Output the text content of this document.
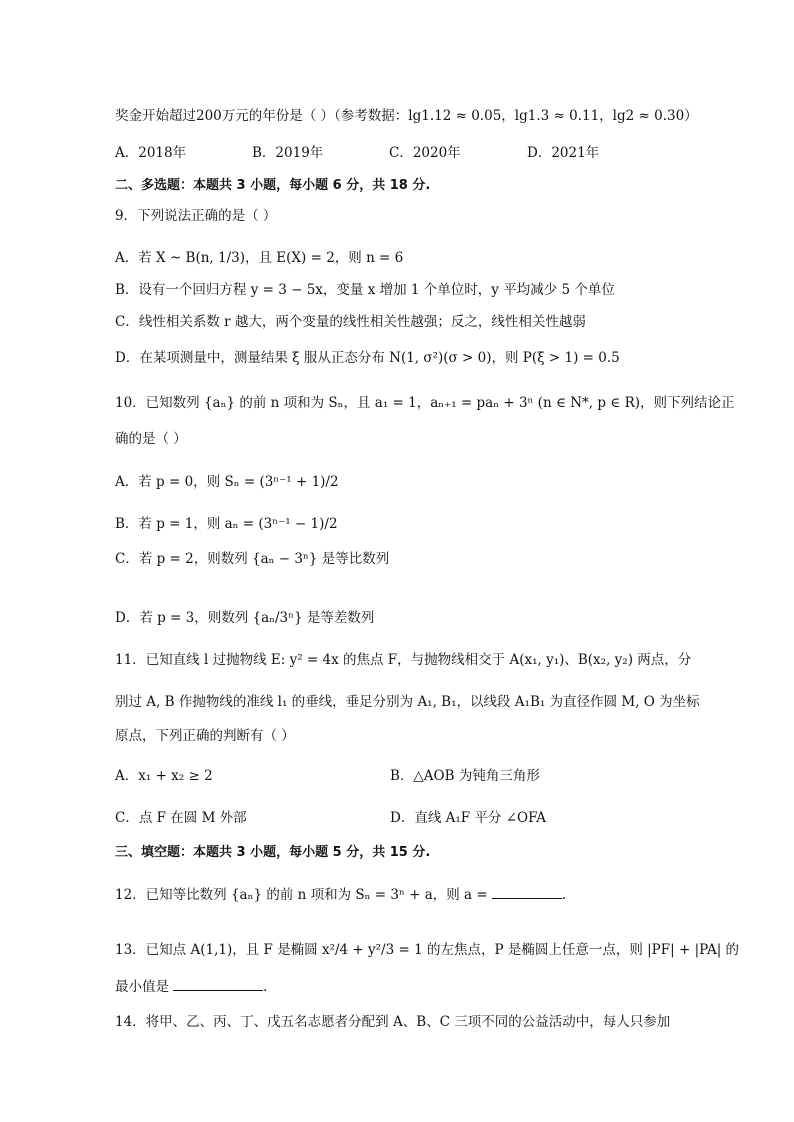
奖金开始超过200万元的年份是（ ）（参考数据：lg1.12 ≈ 0.05，lg1.3 ≈ 0.11，lg2 ≈ 0.30）
A．2018年	B．2019年	C．2020年	D．2021年
二、多选题：本题共 3 小题，每小题 6 分，共 18 分.
9．下列说法正确的是（ ）
A．若 X ~ B(n, 1/3)，且 E(X) = 2，则 n = 6
B．设有一个回归方程 y = 3 − 5x，变量 x 增加 1 个单位时，y 平均减少 5 个单位
C．线性相关系数 r 越大，两个变量的线性相关性越强；反之，线性相关性越弱
D．在某项测量中，测量结果 ξ 服从正态分布 N(1, σ²)(σ > 0)，则 P(ξ > 1) = 0.5
10．已知数列 {aₙ} 的前 n 项和为 Sₙ，且 a₁ = 1，aₙ₊₁ = paₙ + 3ⁿ (n ∈ N*, p ∈ R)，则下列结论正
确的是（ ）
A．若 p = 0，则 Sₙ = (3ⁿ⁻¹ + 1)/2
B．若 p = 1，则 aₙ = (3ⁿ⁻¹ − 1)/2
C．若 p = 2，则数列 {aₙ − 3ⁿ} 是等比数列
D．若 p = 3，则数列 {aₙ/3ⁿ} 是等差数列
11．已知直线 l 过抛物线 E: y² = 4x 的焦点 F，与抛物线相交于 A(x₁, y₁)、B(x₂, y₂) 两点，分
别过 A, B 作抛物线的准线 l₁ 的垂线，垂足分别为 A₁, B₁，以线段 A₁B₁ 为直径作圆 M, O 为坐标
原点，下列正确的判断有（ ）
A．x₁ + x₂ ≥ 2	B．△AOB 为钝角三角形
C．点 F 在圆 M 外部	D．直线 A₁F 平分 ∠OFA
三、填空题：本题共 3 小题，每小题 5 分，共 15 分.
12．已知等比数列 {aₙ} 的前 n 项和为 Sₙ = 3ⁿ + a，则 a =	.
13．已知点 A(1,1)，且 F 是椭圆 x²/4 + y²/3 = 1 的左焦点，P 是椭圆上任意一点，则 |PF| + |PA| 的
最小值是	.
14．将甲、乙、丙、丁、戊五名志愿者分配到 A、B、C 三项不同的公益活动中，每人只参加
